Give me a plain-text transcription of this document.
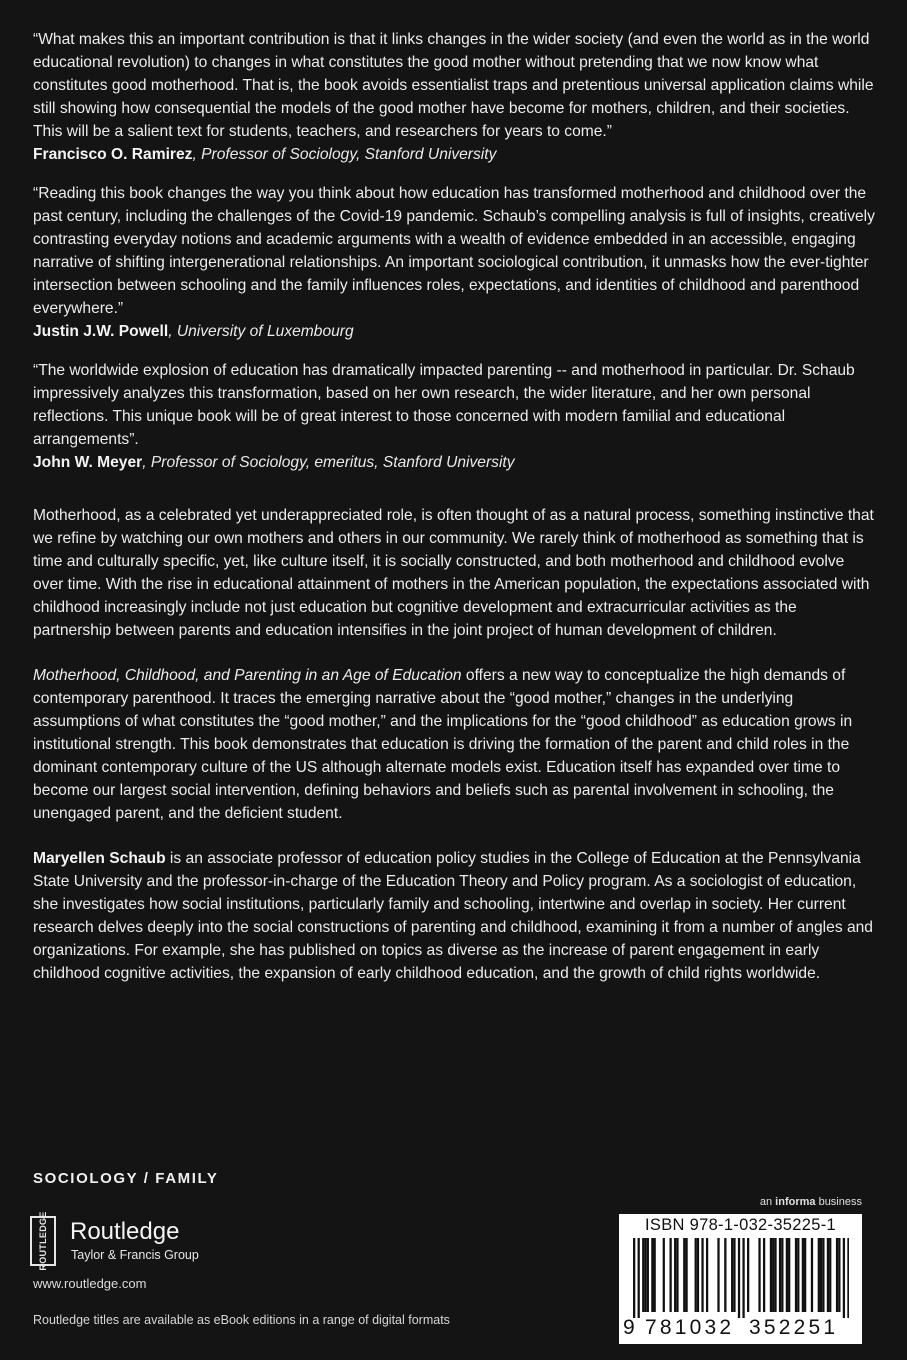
“What makes this an important contribution is that it links changes in the wider society (and even the world as in the world educational revolution) to changes in what constitutes the good mother without pretending that we now know what constitutes good motherhood. That is, the book avoids essentialist traps and pretentious universal application claims while still showing how consequential the models of the good mother have become for mothers, children, and their societies. This will be a salient text for students, teachers, and researchers for years to come.”

Francisco O. Ramirez, Professor of Sociology, Stanford University

“Reading this book changes the way you think about how education has transformed motherhood and childhood over the past century, including the challenges of the Covid-19 pandemic. Schaub’s compelling analysis is full of insights, creatively contrasting everyday notions and academic arguments with a wealth of evidence embedded in an accessible, engaging narrative of shifting intergenerational relationships. An important sociological contribution, it unmasks how the ever-tighter intersection between schooling and the family influences roles, expectations, and identities of childhood and parenthood everywhere.”

Justin J.W. Powell, University of Luxembourg

“The worldwide explosion of education has dramatically impacted parenting -- and motherhood in particular. Dr. Schaub impressively analyzes this transformation, based on her own research, the wider literature, and her own personal reflections. This unique book will be of great interest to those concerned with modern familial and educational arrangements”.

John W. Meyer, Professor of Sociology, emeritus, Stanford University

Motherhood, as a celebrated yet underappreciated role, is often thought of as a natural process, something instinctive that we refine by watching our own mothers and others in our community. We rarely think of motherhood as something that is time and culturally specific, yet, like culture itself, it is socially constructed, and both motherhood and childhood evolve over time. With the rise in educational attainment of mothers in the American population, the expectations associated with childhood increasingly include not just education but cognitive development and extracurricular activities as the partnership between parents and education intensifies in the joint project of human development of children.

Motherhood, Childhood, and Parenting in an Age of Education offers a new way to conceptualize the high demands of contemporary parenthood. It traces the emerging narrative about the “good mother,” changes in the underlying assumptions of what constitutes the “good mother,” and the implications for the “good childhood” as education grows in institutional strength. This book demonstrates that education is driving the formation of the parent and child roles in the dominant contemporary culture of the US although alternate models exist. Education itself has expanded over time to become our largest social intervention, defining behaviors and beliefs such as parental involvement in schooling, the unengaged parent, and the deficient student.

Maryellen Schaub is an associate professor of education policy studies in the College of Education at the Pennsylvania State University and the professor-in-charge of the Education Theory and Policy program. As a sociologist of education, she investigates how social institutions, particularly family and schooling, intertwine and overlap in society. Her current research delves deeply into the social constructions of parenting and childhood, examining it from a number of angles and organizations. For example, she has published on topics as diverse as the increase of parent engagement in early childhood cognitive activities, the expansion of early childhood education, and the growth of child rights worldwide.

SOCIOLOGY / FAMILY
ROUTLEDGE Routledge
Taylor & Francis Group
www.routledge.com
Routledge titles are available as eBook editions in a range of digital formats
an informa business
ISBN 978-1-032-35225-1
9 781032 352251
